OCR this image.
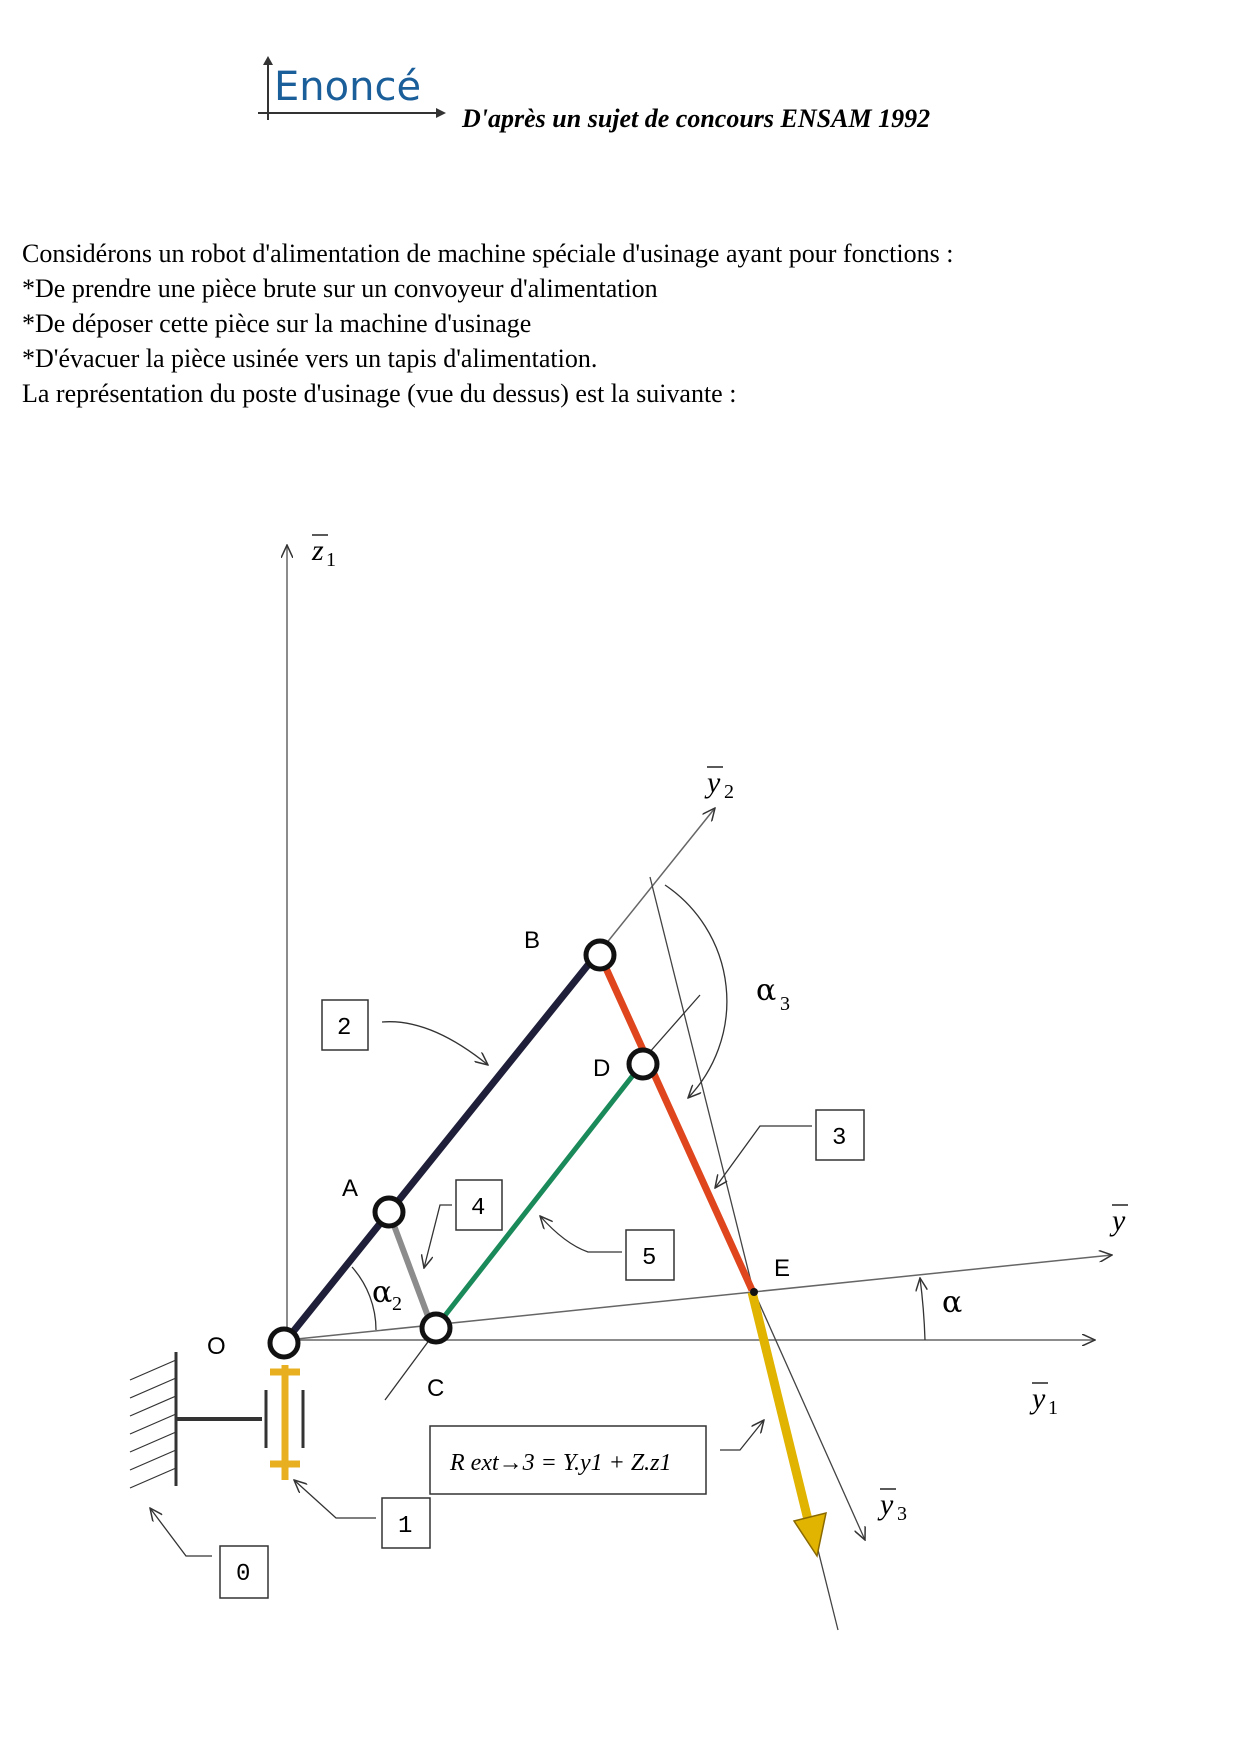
Enoncé
D'après un sujet de concours ENSAM 1992

Considérons un robot d'alimentation de machine spéciale d'usinage ayant pour fonctions :

*De prendre une pièce brute sur un convoyeur d'alimentation

*De déposer cette pièce sur la machine d'usinage

*D'évacuer la pièce usinée vers un tapis d'alimentation.

La représentation du poste d'usinage (vue du dessus) est la suivante :

O
A
B
C
D
E
z 1
y
y 1
y 2
y 3
α
α 2
α 3
2
3
4
5
1
0
R ext→3 = Y.y1 + Z.z1
